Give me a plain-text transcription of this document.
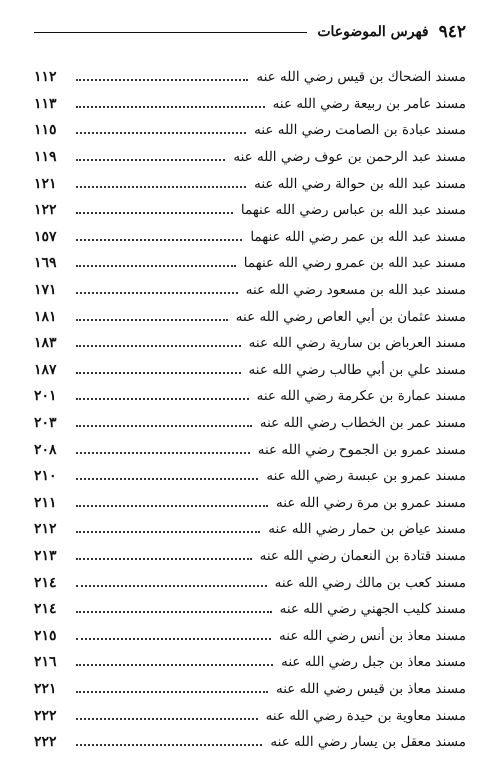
٩٤٢
فهرس الموضوعات
مسند الضحاك بن قيس رضي الله عنه
١١٢
مسند عامر بن ربيعة رضي الله عنه
١١٣
مسند عبادة بن الصامت رضي الله عنه
١١٥
مسند عبد الرحمن بن عوف رضي الله عنه
١١٩
مسند عبد الله بن حوالة رضي الله عنه
١٢١
مسند عبد الله بن عباس رضي الله عنهما
١٢٢
مسند عبد الله بن عمر رضي الله عنهما
١٥٧
مسند عبد الله بن عمرو رضي الله عنهما
١٦٩
مسند عبد الله بن مسعود رضي الله عنه
١٧١
مسند عثمان بن أبي العاص رضي الله عنه
١٨١
مسند العرباض بن سارية رضي الله عنه
١٨٣
مسند علي بن أبي طالب رضي الله عنه
١٨٧
مسند عمارة بن عكرمة رضي الله عنه
٢٠١
مسند عمر بن الخطاب رضي الله عنه
٢٠٣
مسند عمرو بن الجموح رضي الله عنه
٢٠٨
مسند عمرو بن عبسة رضي الله عنه
٢١٠
مسند عمرو بن مرة رضي الله عنه
٢١١
مسند عياض بن حمار رضي الله عنه
٢١٢
مسند قتادة بن النعمان رضي الله عنه
٢١٣
مسند كعب بن مالك رضي الله عنه
٢١٤
مسند كليب الجهني رضي الله عنه
٢١٤
مسند معاذ بن أنس رضي الله عنه
٢١٥
مسند معاذ بن جبل رضي الله عنه
٢١٦
مسند معاذ بن قيس رضي الله عنه
٢٢١
مسند معاوية بن حيدة رضي الله عنه
٢٢٢
مسند معقل بن يسار رضي الله عنه
٢٢٢
